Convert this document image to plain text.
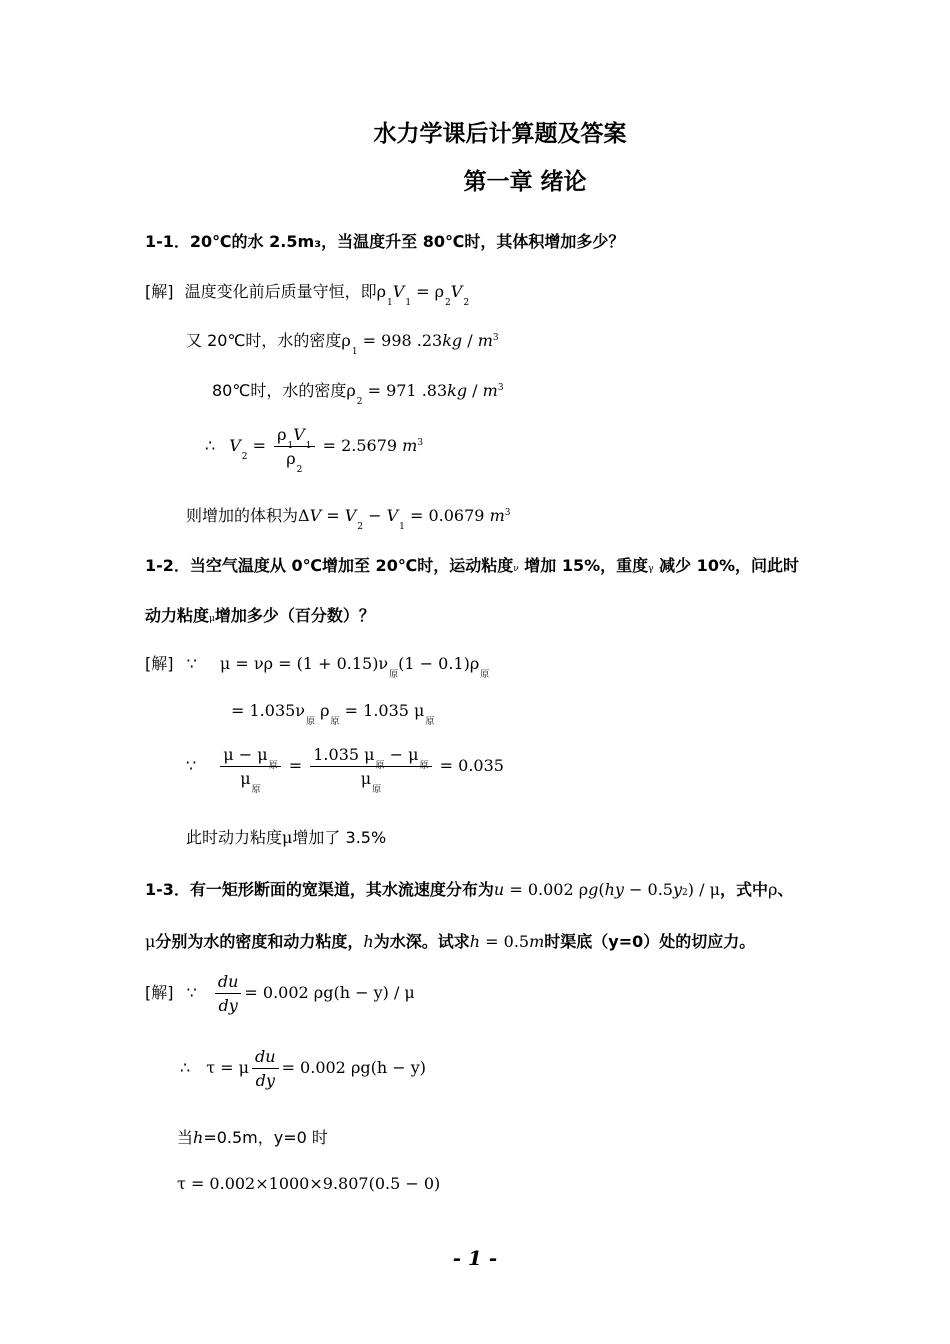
水力学课后计算题及答案
第一章 绪论
1-1．20℃的水 2.5m₃，当温度升至 80℃时，其体积增加多少？
[解] 温度变化前后质量守恒，即$\rho_1V_1 = \rho_2V_2$
又 20℃时，水的密度$\rho_1 = 998$ $.23kg / m^3$
80℃时，水的密度$\rho_2 = 971$ $.83kg / m^3$
∴ $V_2 = \frac{\rho_1V_1}{\rho_2} = 2.5679$ $m^3$
则增加的体积为$\Delta V = V_2 - V_1 = 0.0679$ $m^3$
1-2．当空气温度从 0℃增加至 20℃时，运动粘度ν 增加 15%，重度γ 减少 10%，问此时
动力粘度μ增加多少（百分数）？
[解] ∵ $\mu = \nu\rho = (1 + 0.15)\nu_原(1 - 0.1)\rho_原$
= $1.035\nu_原$ $\rho_原 = 1.035$ $\mu_原$
∵ $\frac{\mu - \mu_原}{\mu_原} = \frac{1.035 \mu_原 - \mu_原}{\mu_原} = 0.035$
此时动力粘度μ增加了 3.5%
1-3．有一矩形断面的宽渠道，其水流速度分布为u = 0.002 ρg(hy − 0.5y2) / μ，式中ρ、
μ分别为水的密度和动力粘度，h为水深。试求h = 0.5m时渠底（y=0）处的切应力。
[解] ∵ $\frac{du}{dy} = 0.002$ ρg(h − y) / μ
∴ τ = μ $\frac{du}{dy} = 0.002$ ρg(h − y)
当h=0.5m，y=0 时
τ = 0.002×1000×9.807(0.5 − 0)
- 1 -
